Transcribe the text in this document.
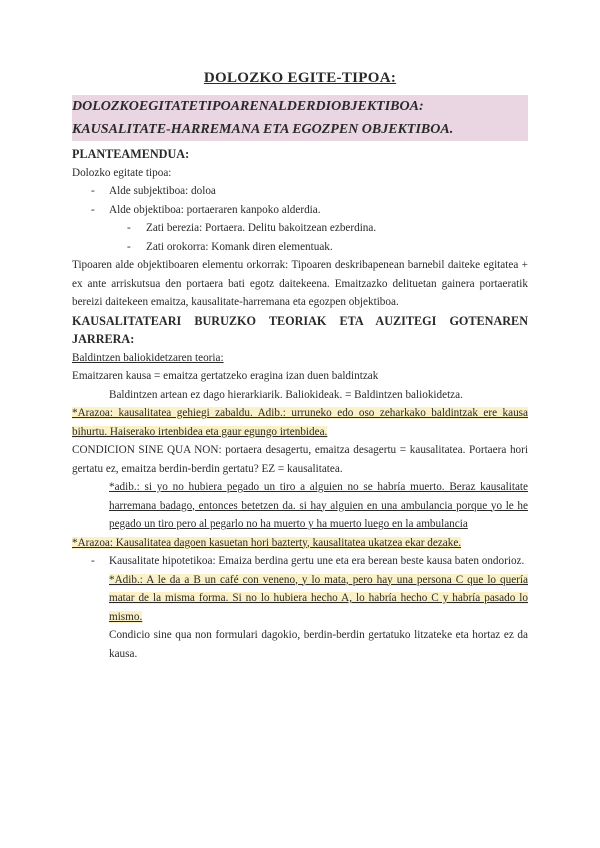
DOLOZKO EGITE-TIPOA:
DOLOZKOEGITATETIPOARENALDERDIOBJEKTIBOA:
KAUSALITATE-HARREMANA ETA EGOZPEN OBJEKTIBOA.

PLANTEAMENDUA:

Dolozko egitate tipoa:

- Alde subjektiboa: doloa

- Alde objektiboa: portaeraren kanpoko alderdia.

- Zati berezia: Portaera. Delitu bakoitzean ezberdina.

- Zati orokorra: Komank diren elementuak.

Tipoaren alde objektiboaren elementu orkorrak: Tipoaren deskribapenean barnebil daiteke egitatea + ex ante arriskutsua den portaera bati egotz daitekeena. Emaitzazko delituetan gainera portaeratik bereizi daitekeen emaitza, kausalitate-harremana eta egozpen objektiboa.

KAUSALITATEARI BURUZKO TEORIAK ETA AUZITEGI GOTENAREN JARRERA:

Baldintzen baliokidetzaren teoria:

Emaitzaren kausa = emaitza gertatzeko eragina izan duen baldintzak

Baldintzen artean ez dago hierarkiarik. Baliokideak. = Baldintzen baliokidetza.

*Arazoa: kausalitatea gehiegi zabaldu. Adib.: urruneko edo oso zeharkako baldintzak ere kausa bihurtu. Haiserako irtenbidea eta gaur egungo irtenbidea.

CONDICION SINE QUA NON: portaera desagertu, emaitza desagertu = kausalitatea. Portaera hori gertatu ez, emaitza berdin-berdin gertatu? EZ = kausalitatea.

*adib.: si yo no hubiera pegado un tiro a alguien no se habría muerto. Beraz kausalitate harremana badago, entonces betetzen da. si hay alguien en una ambulancia porque yo le he pegado un tiro pero al pegarlo no ha muerto y ha muerto luego en la ambulancia

*Arazoa: Kausalitatea dagoen kasuetan hori bazterty, kausalitatea ukatzea ekar dezake.

- Kausalitate hipotetikoa: Emaiza berdina gertu une eta era berean beste kausa baten ondorioz.

*Adib.: A le da a B un café con veneno, y lo mata, pero hay una persona C que lo quería matar de la misma forma. Si no lo hubiera hecho A, lo habría hecho C y habría pasado lo mismo.

Condicio sine qua non formulari dagokio, berdin-berdin gertatuko litzateke eta hortaz ez da kausa.
